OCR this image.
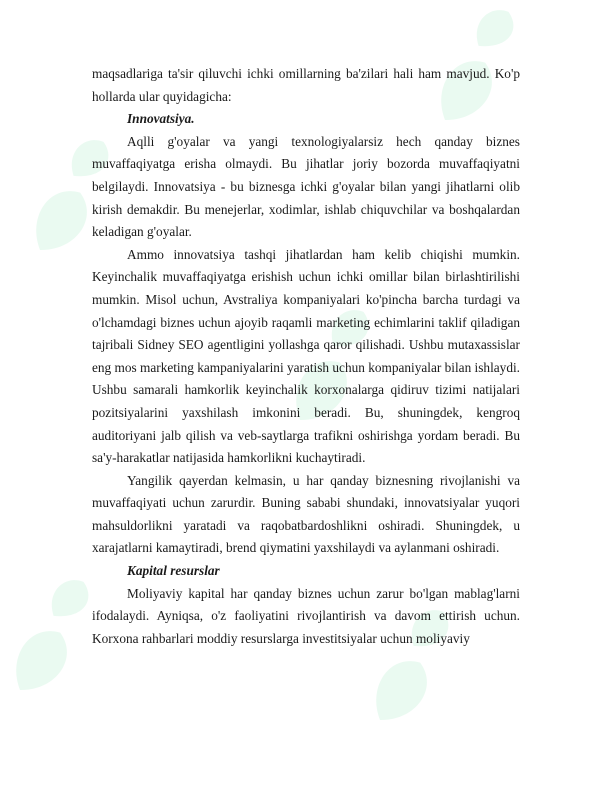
maqsadlariga ta'sir qiluvchi ichki omillarning ba'zilari hali ham mavjud. Ko'p hollarda ular quyidagicha:

Innovatsiya.

Aqlli g'oyalar va yangi texnologiyalarsiz hech qanday biznes muvaffaqiyatga erisha olmaydi. Bu jihatlar joriy bozorda muvaffaqiyatni belgilaydi. Innovatsiya - bu biznesga ichki g'oyalar bilan yangi jihatlarni olib kirish demakdir. Bu menejerlar, xodimlar, ishlab chiquvchilar va boshqalardan keladigan g'oyalar.

Ammo innovatsiya tashqi jihatlardan ham kelib chiqishi mumkin. Keyinchalik muvaffaqiyatga erishish uchun ichki omillar bilan birlashtirilishi mumkin. Misol uchun, Avstraliya kompaniyalari ko'pincha barcha turdagi va o'lchamdagi biznes uchun ajoyib raqamli marketing echimlarini taklif qiladigan tajribali Sidney SEO agentligini yollashga qaror qilishadi. Ushbu mutaxassislar eng mos marketing kampaniyalarini yaratish uchun kompaniyalar bilan ishlaydi. Ushbu samarali hamkorlik keyinchalik korxonalarga qidiruv tizimi natijalari pozitsiyalarini yaxshilash imkonini beradi. Bu, shuningdek, kengroq auditoriyani jalb qilish va veb-saytlarga trafikni oshirishga yordam beradi. Bu sa'y-harakatlar natijasida hamkorlikni kuchaytiradi.

Yangilik qayerdan kelmasin, u har qanday biznesning rivojlanishi va muvaffaqiyati uchun zarurdir. Buning sababi shundaki, innovatsiyalar yuqori mahsuldorlikni yaratadi va raqobatbardoshlikni oshiradi. Shuningdek, u xarajatlarni kamaytiradi, brend qiymatini yaxshilaydi va aylanmani oshiradi.

Kapital resurslar

Moliyaviy kapital har qanday biznes uchun zarur bo'lgan mablag'larni ifodalaydi. Ayniqsa, o'z faoliyatini rivojlantirish va davom ettirish uchun. Korxona rahbarlari moddiy resurslarga investitsiyalar uchun moliyaviy
